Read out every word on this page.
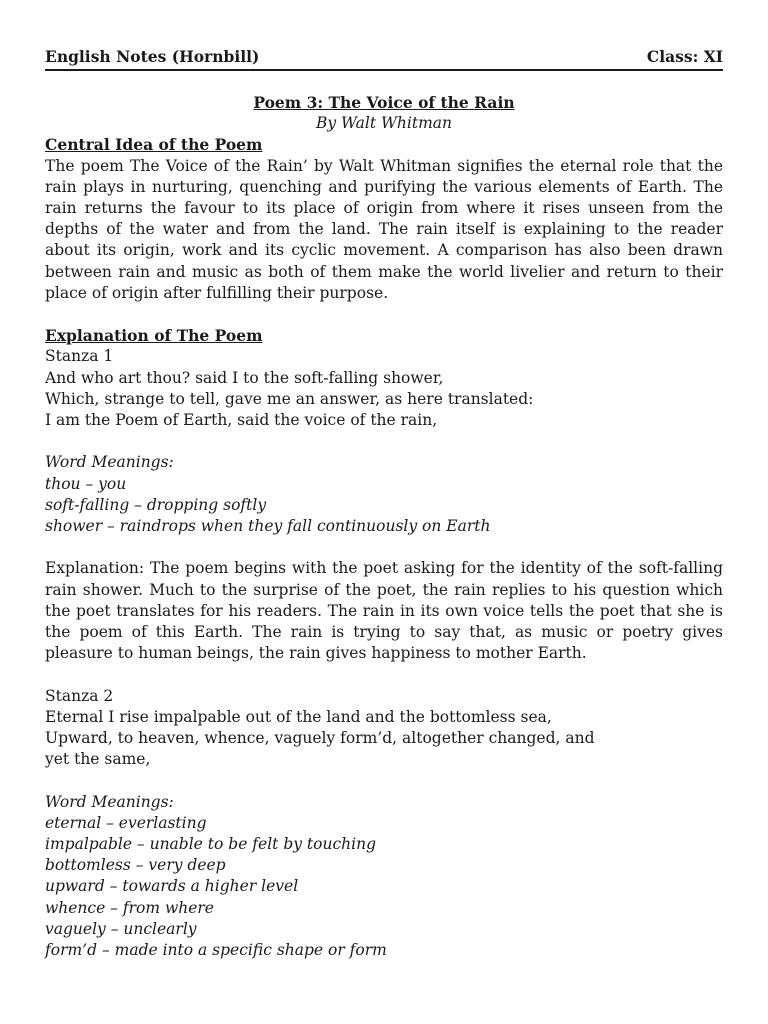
English Notes (Hornbill)	Class: XI
Poem 3: The Voice of the Rain
By Walt Whitman
Central Idea of the Poem

The poem The Voice of the Rain’ by Walt Whitman signifies the eternal role that the rain plays in nurturing, quenching and purifying the various elements of Earth. The rain returns the favour to its place of origin from where it rises unseen from the depths of the water and from the land. The rain itself is explaining to the reader about its origin, work and its cyclic movement. A comparison has also been drawn between rain and music as both of them make the world livelier and return to their place of origin after fulfilling their purpose.

Explanation of The Poem
Stanza 1
And who art thou? said I to the soft-falling shower,
Which, strange to tell, gave me an answer, as here translated:
I am the Poem of Earth, said the voice of the rain,
Word Meanings:
thou – you
soft-falling – dropping softly
shower – raindrops when they fall continuously on Earth

Explanation: The poem begins with the poet asking for the identity of the soft-falling rain shower. Much to the surprise of the poet, the rain replies to his question which the poet translates for his readers. The rain in its own voice tells the poet that she is the poem of this Earth. The rain is trying to say that, as music or poetry gives pleasure to human beings, the rain gives happiness to mother Earth.

Stanza 2
Eternal I rise impalpable out of the land and the bottomless sea,
Upward, to heaven, whence, vaguely form’d, altogether changed, and
yet the same,
Word Meanings:
eternal – everlasting
impalpable – unable to be felt by touching
bottomless – very deep
upward – towards a higher level
whence – from where
vaguely – unclearly
form’d – made into a specific shape or form
